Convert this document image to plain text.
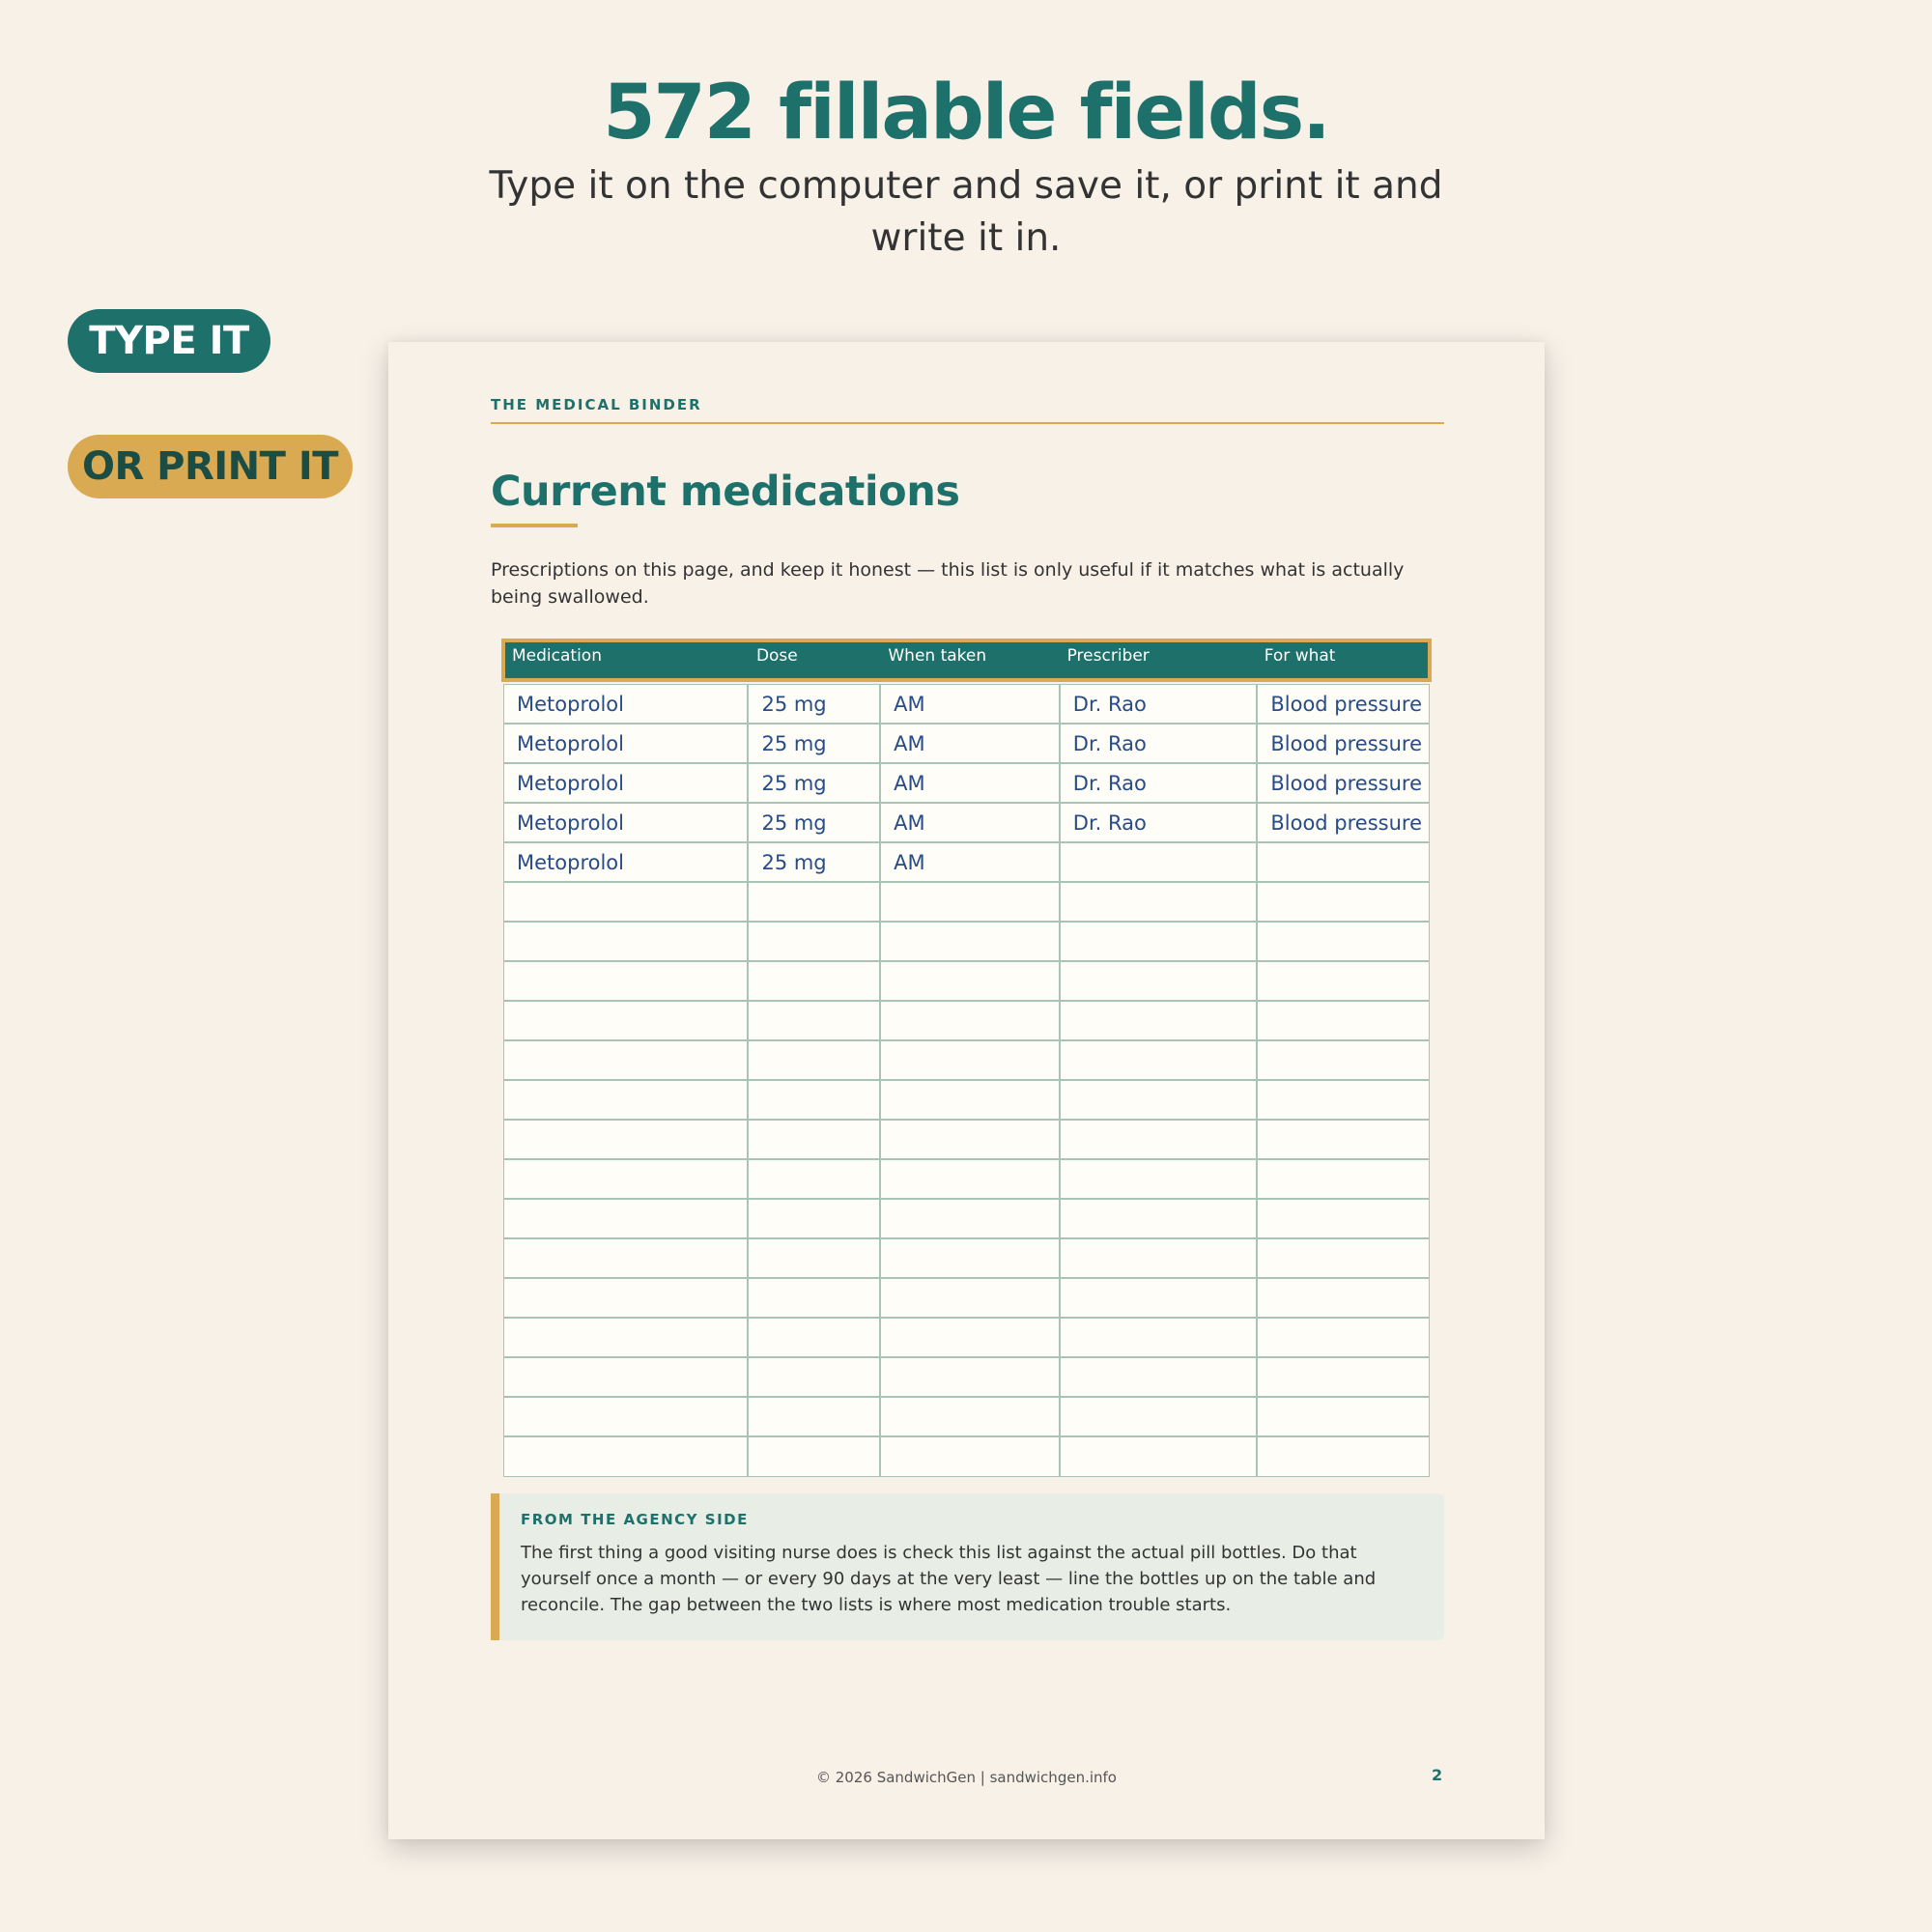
572 fillable fields.

Type it on the computer and save it, or print it and write it in.

TYPE IT
OR PRINT IT
THE MEDICAL BINDER
Current medications

Prescriptions on this page, and keep it honest — this list is only useful if it matches what is actually being swallowed.

Medication	Dose	When taken	Prescriber	For what
Metoprolol	25 mg	AM	Dr. Rao	Blood pressure
Metoprolol	25 mg	AM	Dr. Rao	Blood pressure
Metoprolol	25 mg	AM	Dr. Rao	Blood pressure
Metoprolol	25 mg	AM	Dr. Rao	Blood pressure
Metoprolol	25 mg	AM
FROM THE AGENCY SIDE

The first thing a good visiting nurse does is check this list against the actual pill bottles. Do that yourself once a month — or every 90 days at the very least — line the bottles up on the table and reconcile. The gap between the two lists is where most medication trouble starts.

© 2026 SandwichGen | sandwichgen.info	2
